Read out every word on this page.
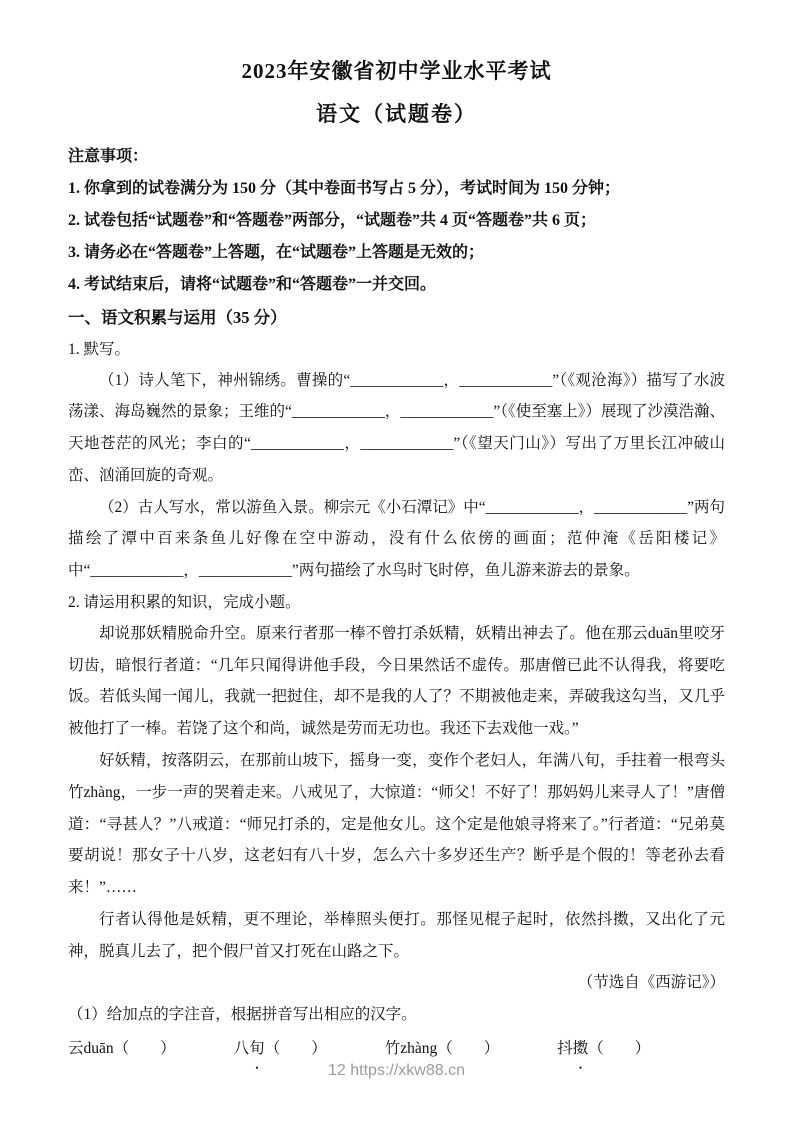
2023年安徽省初中学业水平考试
语文（试题卷）
注意事项：
1. 你拿到的试卷满分为 150 分（其中卷面书写占 5 分），考试时间为 150 分钟；
2. 试卷包括“试题卷”和“答题卷”两部分，“试题卷”共 4 页“答题卷”共 6 页；
3. 请务必在“答题卷”上答题，在“试题卷”上答题是无效的；
4. 考试结束后，请将“试题卷”和“答题卷”一并交回。
一、语文积累与运用（35 分）
1. 默写。
（1）诗人笔下，神州锦绣。曹操的“____________，____________”（《观沧海》）描写了水波荡漾、海岛巍然的景象；王维的“____________，____________”（《使至塞上》）展现了沙漠浩瀚、天地苍茫的风光；李白的“____________，____________”（《望天门山》）写出了万里长江冲破山峦、汹涌回旋的奇观。
（2）古人写水，常以游鱼入景。柳宗元《小石潭记》中“____________，____________”两句描绘了潭中百来条鱼儿好像在空中游动，没有什么依傍的画面；范仲淹《岳阳楼记》中“____________，____________”两句描绘了水鸟时飞时停，鱼儿游来游去的景象。
2. 请运用积累的知识，完成小题。
却说那妖精脱命升空。原来行者那一棒不曾打杀妖精，妖精出神去了。他在那云duān里咬牙切齿，暗恨行者道：“几年只闻得讲他手段，今日果然话不虚传。那唐僧已此不认得我，将要吃饭。若低头闻一闻儿，我就一把挝住，却不是我的人了？不期被他走来，弄破我这勾当，又几乎被他打了一棒。若饶了这个和尚，诚然是劳而无功也。我还下去戏他一戏。”
好妖精，按落阴云，在那前山坡下，摇身一变，变作个老妇人，年满八旬，手拄着一根弯头竹zhàng，一步一声的哭着走来。八戒见了，大惊道：“师父！不好了！那妈妈儿来寻人了！”唐僧道：“寻甚人？”八戒道：“师兄打杀的，定是他女儿。这个定是他娘寻将来了。”行者道：“兄弟莫要胡说！那女子十八岁，这老妇有八十岁，怎么六十多岁还生产？断乎是个假的！等老孙去看来！”……
行者认得他是妖精，更不理论，举棒照头便打。那怪见棍子起时，依然抖擞，又出化了元神，脱真儿去了，把个假尸首又打死在山路之下。
（节选自《西游记》）
（1）给加点的字注音，根据拼音写出相应的汉字。
云duān（　　）	八旬（　　）	竹zhàng（　　）	抖擞（　　）
12 https://xkw88.cn
